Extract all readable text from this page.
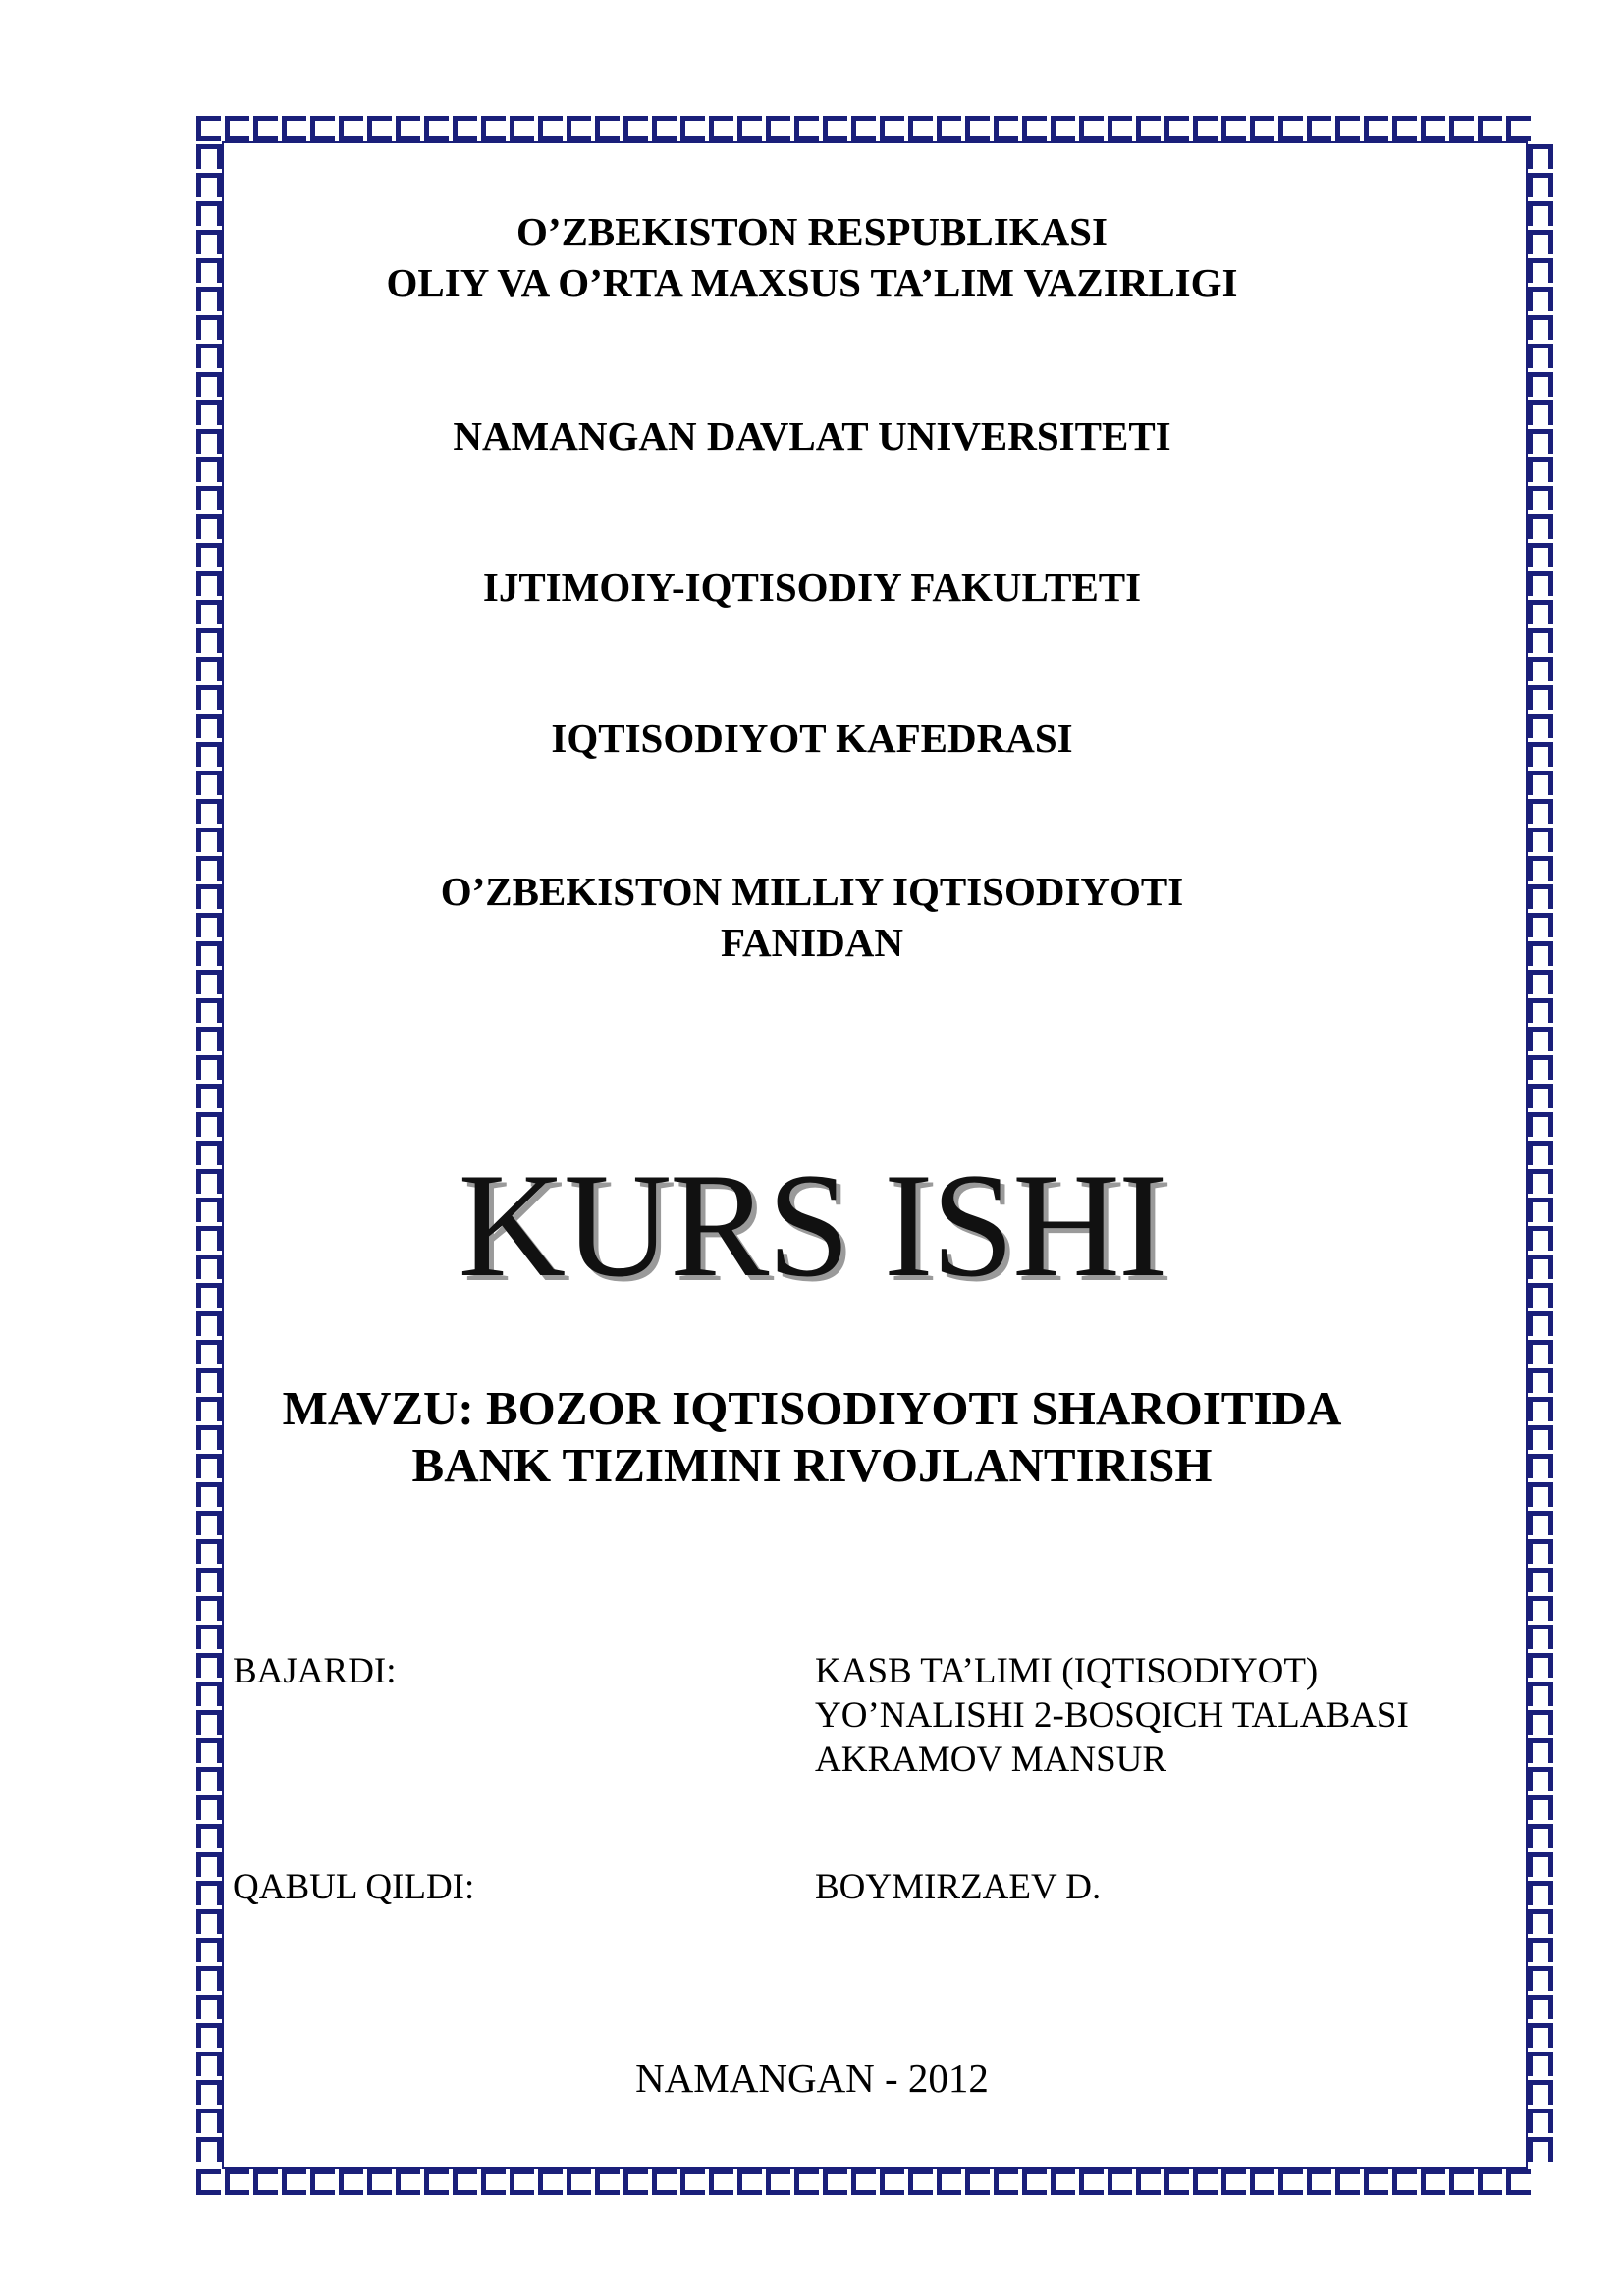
O’ZBEKISTON RESPUBLIKASI
OLIY VA O’RTA MAXSUS TA’LIM VAZIRLIGI
NAMANGAN DAVLAT UNIVERSITETI
IJTIMOIY-IQTISODIY FAKULTETI
IQTISODIYOT KAFEDRASI
O’ZBEKISTON MILLIY IQTISODIYOTI
FANIDAN
KURS ISHI
MAVZU: BOZOR IQTISODIYOTI SHAROITIDA
BANK TIZIMINI RIVOJLANTIRISH
BAJARDI:	KASB TA’LIMI (IQTISODIYOT)
YO’NALISHI 2-BOSQICH TALABASI
AKRAMOV MANSUR
QABUL QILDI:	BOYMIRZAEV D.
NAMANGAN - 2012
